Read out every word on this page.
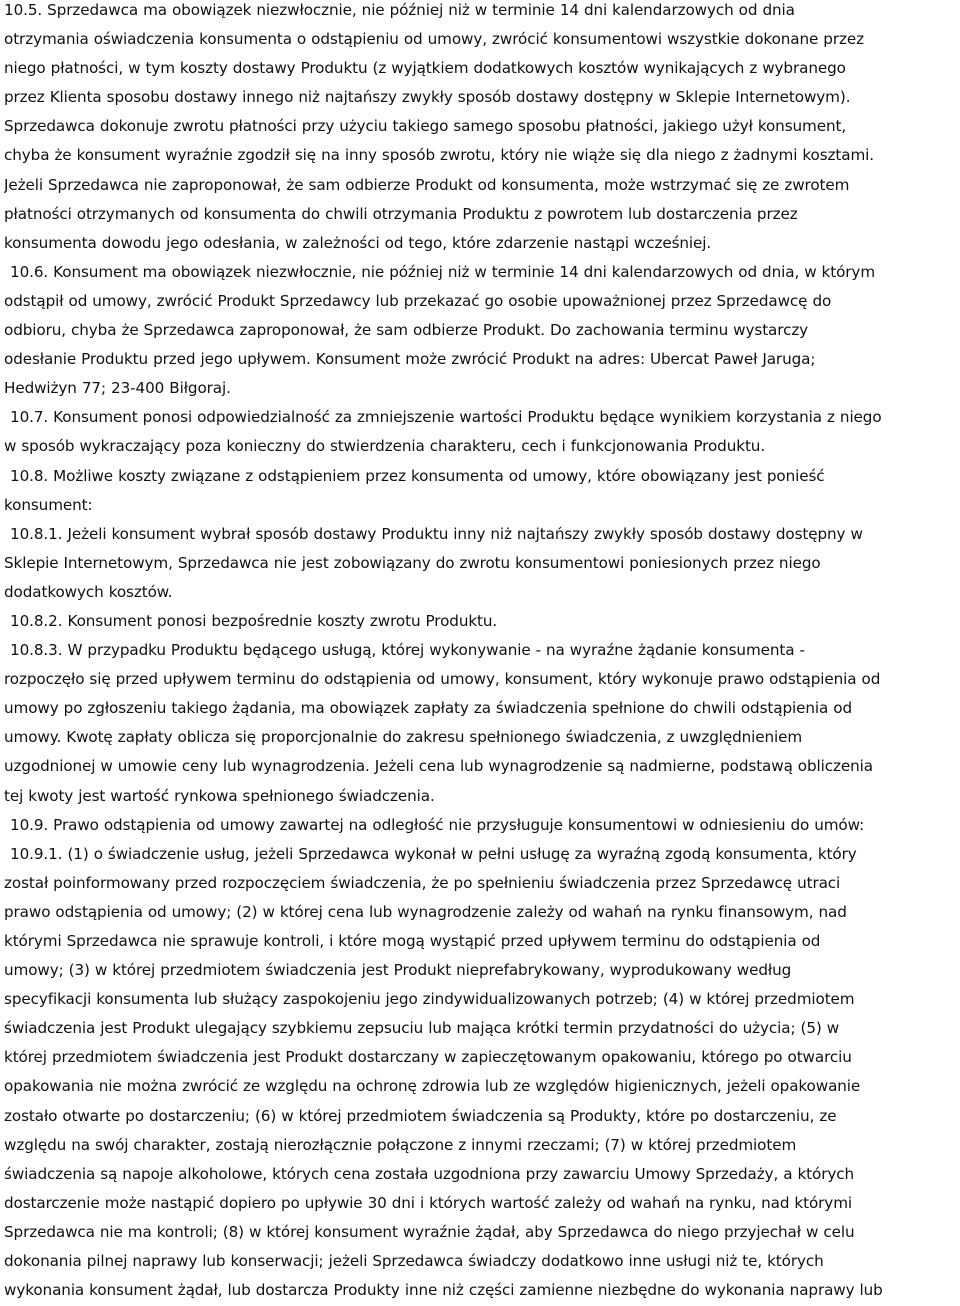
10.5. Sprzedawca ma obowiązek niezwłocznie, nie później niż w terminie 14 dni kalendarzowych od dnia
otrzymania oświadczenia konsumenta o odstąpieniu od umowy, zwrócić konsumentowi wszystkie dokonane przez
niego płatności, w tym koszty dostawy Produktu (z wyjątkiem dodatkowych kosztów wynikających z wybranego
przez Klienta sposobu dostawy innego niż najtańszy zwykły sposób dostawy dostępny w Sklepie Internetowym).
Sprzedawca dokonuje zwrotu płatności przy użyciu takiego samego sposobu płatności, jakiego użył konsument,
chyba że konsument wyraźnie zgodził się na inny sposób zwrotu, który nie wiąże się dla niego z żadnymi kosztami.
Jeżeli Sprzedawca nie zaproponował, że sam odbierze Produkt od konsumenta, może wstrzymać się ze zwrotem
płatności otrzymanych od konsumenta do chwili otrzymania Produktu z powrotem lub dostarczenia przez
konsumenta dowodu jego odesłania, w zależności od tego, które zdarzenie nastąpi wcześniej.
10.6. Konsument ma obowiązek niezwłocznie, nie później niż w terminie 14 dni kalendarzowych od dnia, w którym
odstąpił od umowy, zwrócić Produkt Sprzedawcy lub przekazać go osobie upoważnionej przez Sprzedawcę do
odbioru, chyba że Sprzedawca zaproponował, że sam odbierze Produkt. Do zachowania terminu wystarczy
odesłanie Produktu przed jego upływem. Konsument może zwrócić Produkt na adres: Ubercat Paweł Jaruga;
Hedwiżyn 77; 23-400 Biłgoraj.
10.7. Konsument ponosi odpowiedzialność za zmniejszenie wartości Produktu będące wynikiem korzystania z niego
w sposób wykraczający poza konieczny do stwierdzenia charakteru, cech i funkcjonowania Produktu.
10.8. Możliwe koszty związane z odstąpieniem przez konsumenta od umowy, które obowiązany jest ponieść
konsument:
10.8.1. Jeżeli konsument wybrał sposób dostawy Produktu inny niż najtańszy zwykły sposób dostawy dostępny w
Sklepie Internetowym, Sprzedawca nie jest zobowiązany do zwrotu konsumentowi poniesionych przez niego
dodatkowych kosztów.
10.8.2. Konsument ponosi bezpośrednie koszty zwrotu Produktu.
10.8.3. W przypadku Produktu będącego usługą, której wykonywanie - na wyraźne żądanie konsumenta -
rozpoczęło się przed upływem terminu do odstąpienia od umowy, konsument, który wykonuje prawo odstąpienia od
umowy po zgłoszeniu takiego żądania, ma obowiązek zapłaty za świadczenia spełnione do chwili odstąpienia od
umowy. Kwotę zapłaty oblicza się proporcjonalnie do zakresu spełnionego świadczenia, z uwzględnieniem
uzgodnionej w umowie ceny lub wynagrodzenia. Jeżeli cena lub wynagrodzenie są nadmierne, podstawą obliczenia
tej kwoty jest wartość rynkowa spełnionego świadczenia.
10.9. Prawo odstąpienia od umowy zawartej na odległość nie przysługuje konsumentowi w odniesieniu do umów:
10.9.1. (1) o świadczenie usług, jeżeli Sprzedawca wykonał w pełni usługę za wyraźną zgodą konsumenta, który
został poinformowany przed rozpoczęciem świadczenia, że po spełnieniu świadczenia przez Sprzedawcę utraci
prawo odstąpienia od umowy; (2) w której cena lub wynagrodzenie zależy od wahań na rynku finansowym, nad
którymi Sprzedawca nie sprawuje kontroli, i które mogą wystąpić przed upływem terminu do odstąpienia od
umowy; (3) w której przedmiotem świadczenia jest Produkt nieprefabrykowany, wyprodukowany według
specyfikacji konsumenta lub służący zaspokojeniu jego zindywidualizowanych potrzeb; (4) w której przedmiotem
świadczenia jest Produkt ulegający szybkiemu zepsuciu lub mająca krótki termin przydatności do użycia; (5) w
której przedmiotem świadczenia jest Produkt dostarczany w zapieczętowanym opakowaniu, którego po otwarciu
opakowania nie można zwrócić ze względu na ochronę zdrowia lub ze względów higienicznych, jeżeli opakowanie
zostało otwarte po dostarczeniu; (6) w której przedmiotem świadczenia są Produkty, które po dostarczeniu, ze
względu na swój charakter, zostają nierozłącznie połączone z innymi rzeczami; (7) w której przedmiotem
świadczenia są napoje alkoholowe, których cena została uzgodniona przy zawarciu Umowy Sprzedaży, a których
dostarczenie może nastąpić dopiero po upływie 30 dni i których wartość zależy od wahań na rynku, nad którymi
Sprzedawca nie ma kontroli; (8) w której konsument wyraźnie żądał, aby Sprzedawca do niego przyjechał w celu
dokonania pilnej naprawy lub konserwacji; jeżeli Sprzedawca świadczy dodatkowo inne usługi niż te, których
wykonania konsument żądał, lub dostarcza Produkty inne niż części zamienne niezbędne do wykonania naprawy lub
